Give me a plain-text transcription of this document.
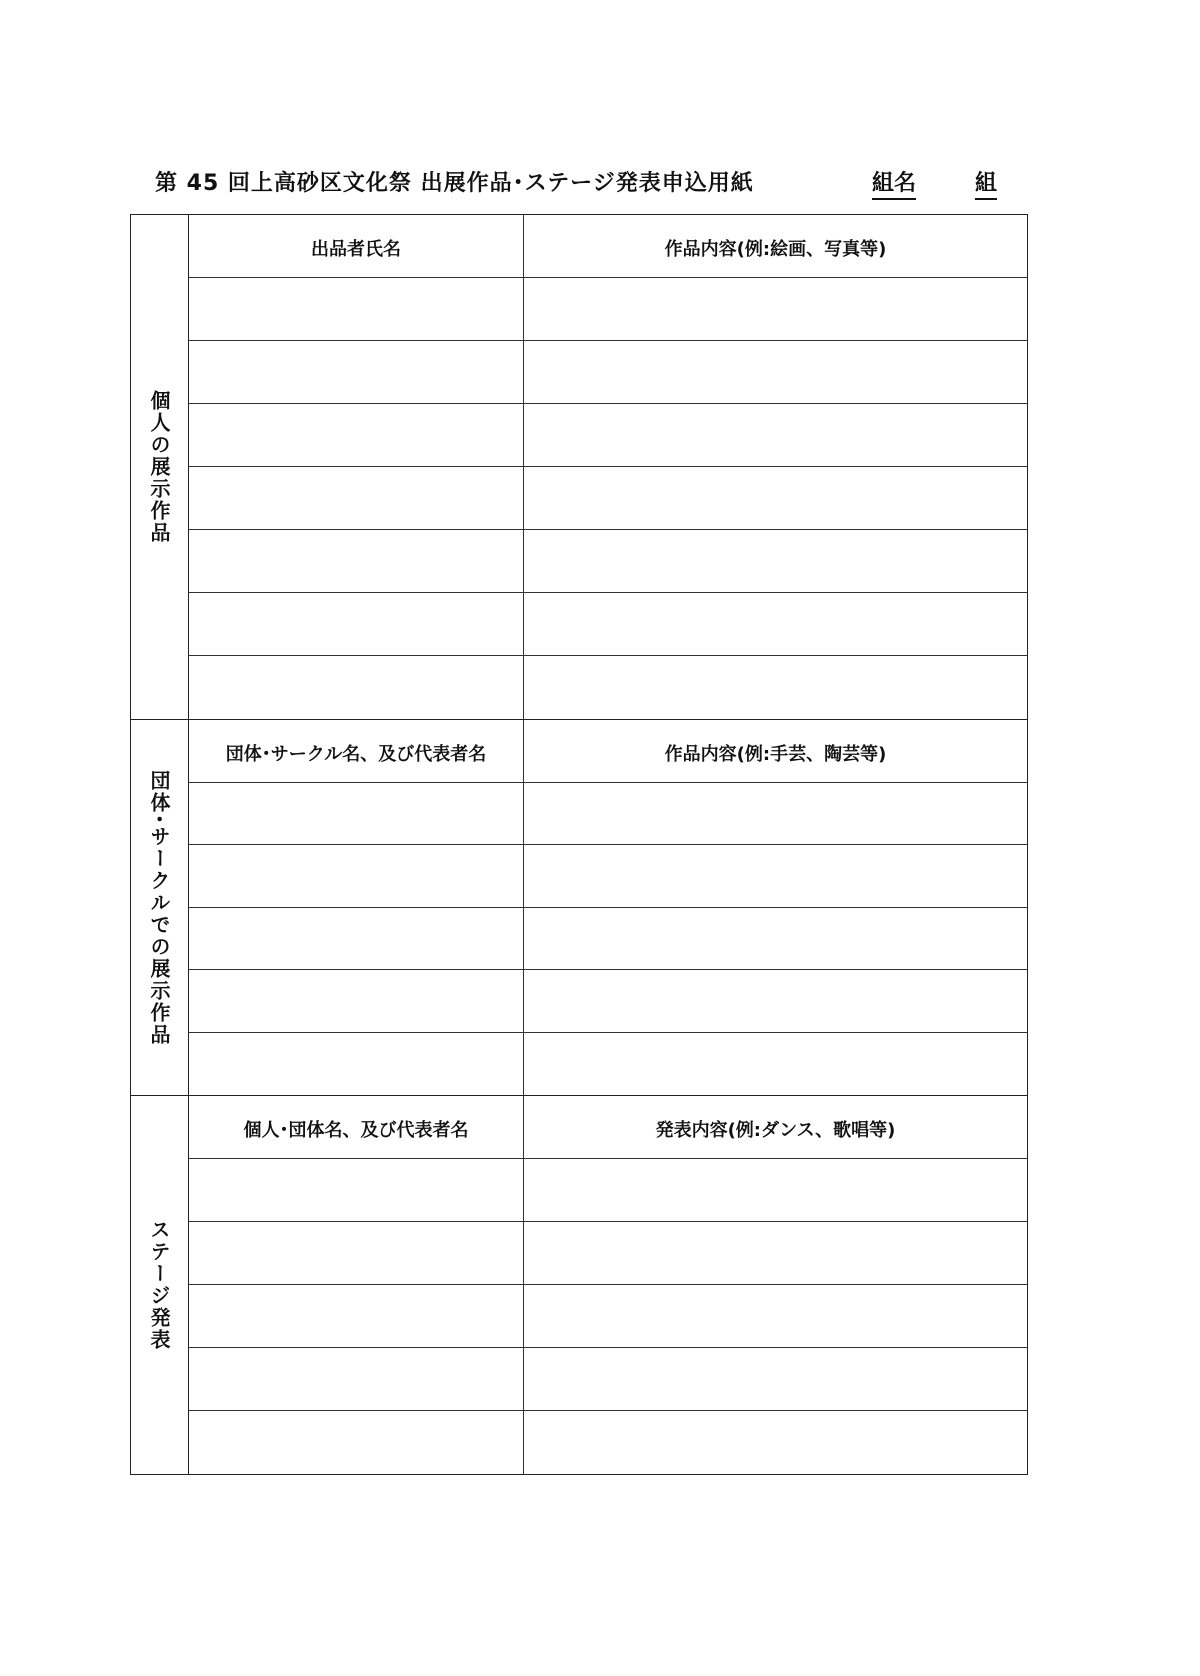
第 45 回上高砂区文化祭 出展作品･ステージ発表申込用紙	組名	組
個人の展示作品
出品者氏名	作品内容(例:絵画、写真等)
団体･サークルでの展示作品
団体･サークル名、及び代表者名	作品内容(例:手芸、陶芸等)
ステージ発表
個人･団体名、及び代表者名	発表内容(例:ダンス、歌唱等)
